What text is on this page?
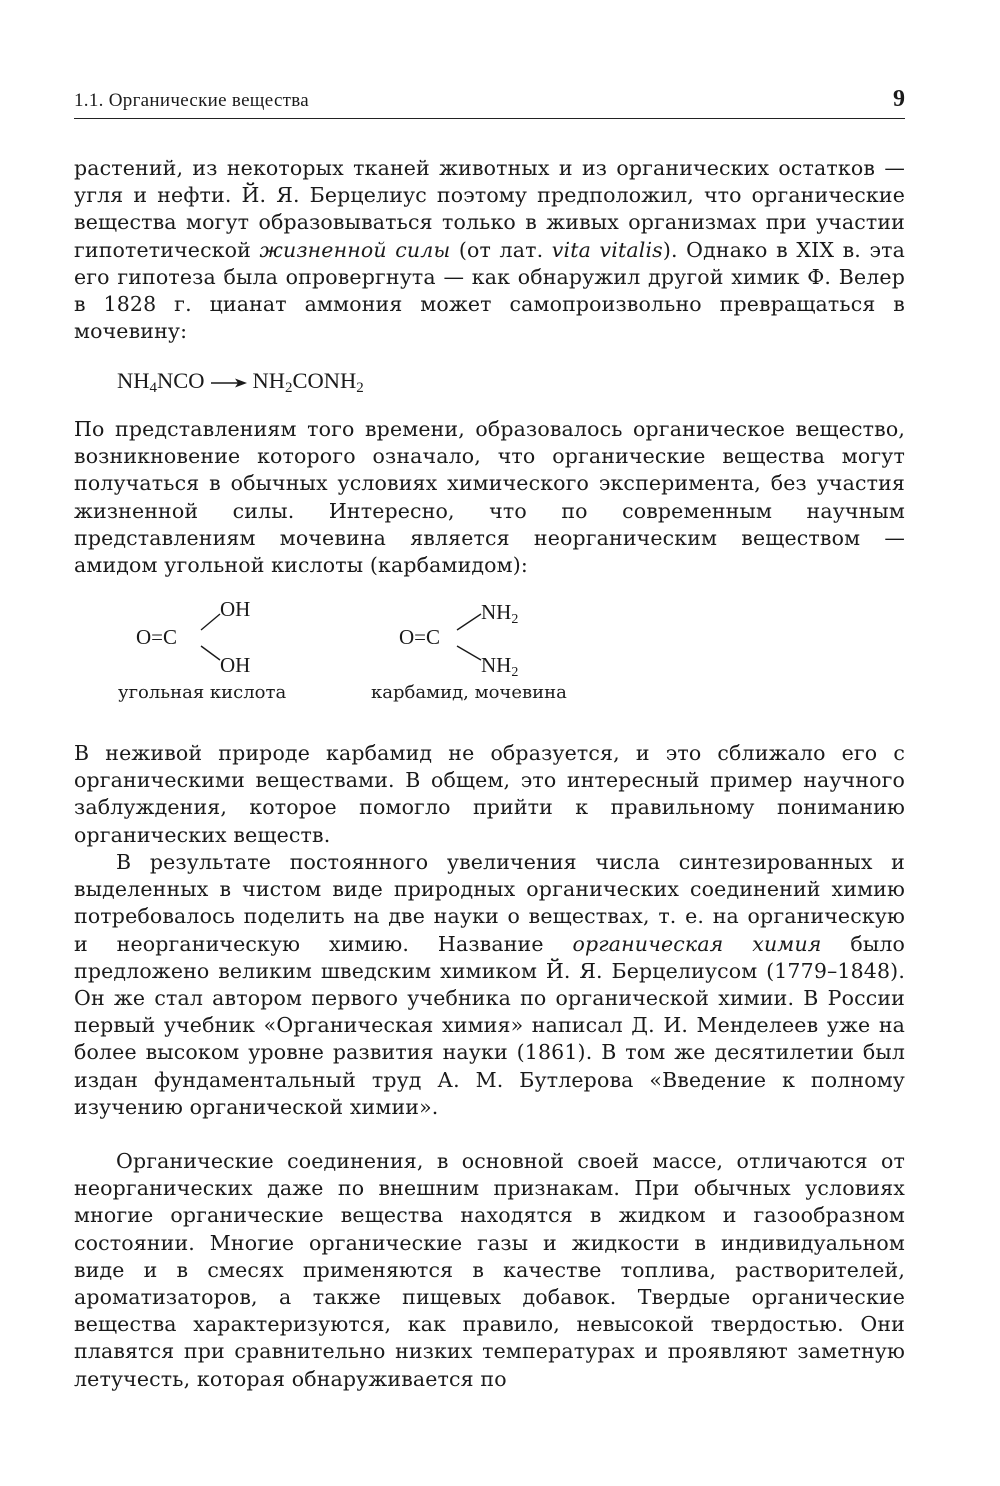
1.1. Органические вещества	9

растений, из некоторых тканей животных и из органических остатков — угля и нефти. Й. Я. Берцелиус поэтому предположил, что органические вещества могут образовываться только в живых организмах при участии гипотетической жизненной силы (от лат. vita vitalis). Однако в XIX в. эта его гипотеза была опровергнута — как обнаружил другой химик Ф. Велер в 1828 г. цианат аммония может самопроизвольно превращаться в мочевину:

$NH_4NCO$ → $NH_2CONH_2$

По представлениям того времени, образовалось органическое вещество, возникновение которого означало, что органические вещества могут получаться в обычных условиях химического эксперимента, без участия жизненной силы. Интересно, что по современным научным представлениям мочевина является неорганическим веществом — амидом угольной кислоты (карбамидом):

O=C
OH
OH
угольная кислота
O=C
$NH_2$
$NH_2$
карбамид, мочевина

В неживой природе карбамид не образуется, и это сближало его с органическими веществами. В общем, это интересный пример научного заблуждения, которое помогло прийти к правильному пониманию органических веществ.

В результате постоянного увеличения числа синтезированных и выделенных в чистом виде природных органических соединений химию потребовалось поделить на две науки о веществах, т. е. на органическую и неорганическую химию. Название органическая химия было предложено великим шведским химиком Й. Я. Берцелиусом (1779–1848). Он же стал автором первого учебника по органической химии. В России первый учебник «Органическая химия» написал Д. И. Менделеев уже на более высоком уровне развития науки (1861). В том же десятилетии был издан фундаментальный труд А. М. Бутлерова «Введение к полному изучению органической химии».

Органические соединения, в основной своей массе, отличаются от неорганических даже по внешним признакам. При обычных условиях многие органические вещества находятся в жидком и газообразном состоянии. Многие органические газы и жидкости в индивидуальном виде и в смесях применяются в качестве топлива, растворителей, ароматизаторов, а также пищевых добавок. Твердые органические вещества характеризуются, как правило, невысокой твердостью. Они плавятся при сравнительно низких температурах и проявляют заметную летучесть, которая обнаруживается по
